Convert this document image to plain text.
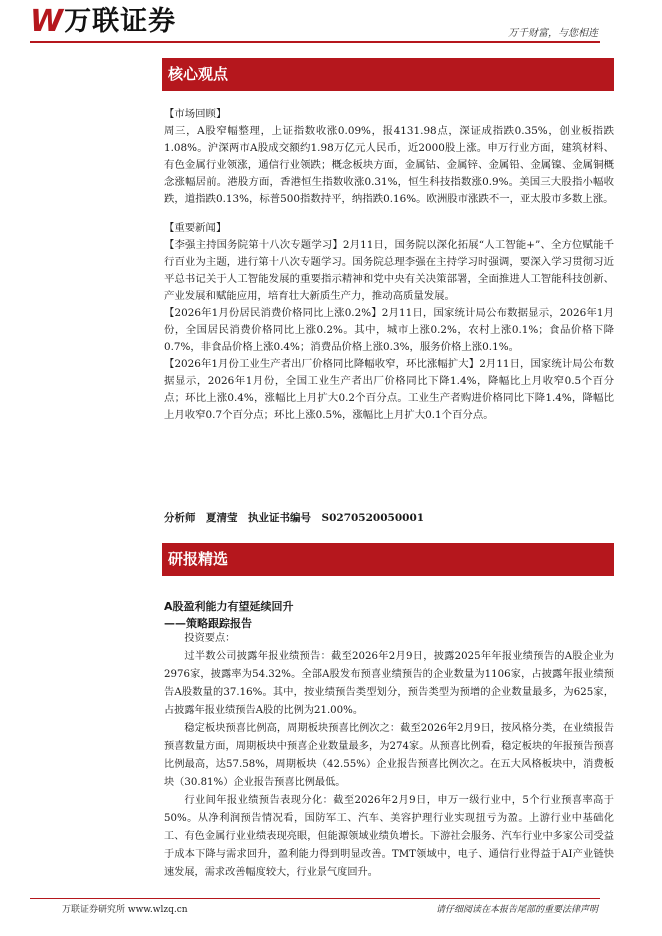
W 万联证券	万千财富，与您相连
核心观点

【市场回顾】

周三，A股窄幅整理，上证指数收涨0.09%，报4131.98点，深证成指跌0.35%，创业板指跌1.08%。沪深两市A股成交额约1.98万亿元人民币，近2000股上涨。申万行业方面，建筑材料、有色金属行业领涨，通信行业领跌；概念板块方面，金属钴、金属锌、金属铅、金属镍、金属铜概念涨幅居前。港股方面，香港恒生指数收涨0.31%，恒生科技指数涨0.9%。美国三大股指小幅收跌，道指跌0.13%，标普500指数持平，纳指跌0.16%。欧洲股市涨跌不一，亚太股市多数上涨。

【重要新闻】

【李强主持国务院第十八次专题学习】2月11日，国务院以深化拓展“人工智能+”、全方位赋能千行百业为主题，进行第十八次专题学习。国务院总理李强在主持学习时强调，要深入学习贯彻习近平总书记关于人工智能发展的重要指示精神和党中央有关决策部署，全面推进人工智能科技创新、产业发展和赋能应用，培育壮大新质生产力，推动高质量发展。

【2026年1月份居民消费价格同比上涨0.2%】2月11日，国家统计局公布数据显示，2026年1月份，全国居民消费价格同比上涨0.2%。其中，城市上涨0.2%，农村上涨0.1%；食品价格下降0.7%，非食品价格上涨0.4%；消费品价格上涨0.3%，服务价格上涨0.1%。

【2026年1月份工业生产者出厂价格同比降幅收窄，环比涨幅扩大】2月11日，国家统计局公布数据显示，2026年1月份，全国工业生产者出厂价格同比下降1.4%，降幅比上月收窄0.5个百分点；环比上涨0.4%，涨幅比上月扩大0.2个百分点。工业生产者购进价格同比下降1.4%，降幅比上月收窄0.7个百分点；环比上涨0.5%，涨幅比上月扩大0.1个百分点。

分析师　夏清莹　执业证书编号　S0270520050001
研报精选
A股盈利能力有望延续回升
——策略跟踪报告

投资要点：

过半数公司披露年报业绩预告：截至2026年2月9日，披露2025年年报业绩预告的A股企业为2976家，披露率为54.32%。全部A股发布预喜业绩预告的企业数量为1106家，占披露年报业绩预告A股数量的37.16%。其中，按业绩预告类型划分，预告类型为预增的企业数量最多，为625家，占披露年报业绩预告A股的比例为21.00%。

稳定板块预喜比例高，周期板块预喜比例次之：截至2026年2月9日，按风格分类，在业绩报告预喜数量方面，周期板块中预喜企业数量最多，为274家。从预喜比例看，稳定板块的年报预告预喜比例最高，达57.58%，周期板块（42.55%）企业报告预喜比例次之。在五大风格板块中，消费板块（30.81%）企业报告预喜比例最低。

行业间年报业绩预告表现分化：截至2026年2月9日，申万一级行业中，5个行业预喜率高于50%。从净利润预告情况看，国防军工、汽车、美容护理行业实现扭亏为盈。上游行业中基础化工、有色金属行业业绩表现亮眼，但能源领域业绩负增长。下游社会服务、汽车行业中多家公司受益于成本下降与需求回升，盈利能力得到明显改善。TMT领域中，电子、通信行业得益于AI产业链快速发展，需求改善幅度较大，行业景气度回升。

万联证券研究所 www.wlzq.cn	请仔细阅读在本报告尾部的重要法律声明
